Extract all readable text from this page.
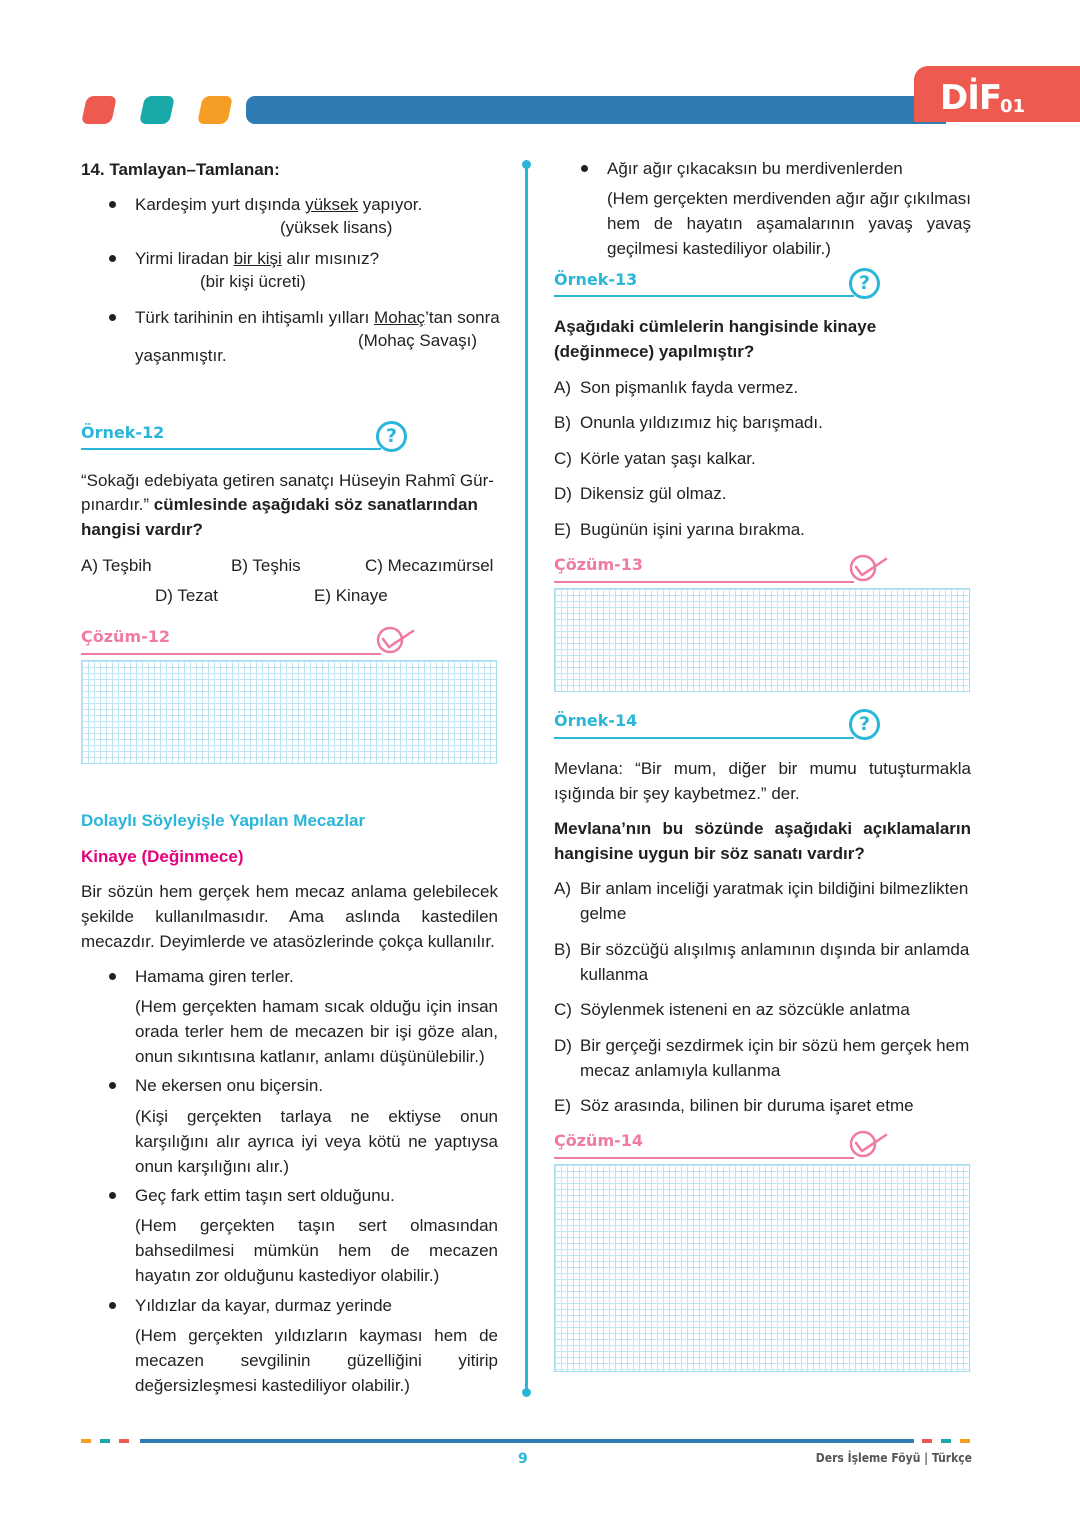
DİF
01
14. Tamlayan–Tamlanan:
Kardeşim yurt dışında yüksek yapıyor.
(yüksek lisans)
Yirmi liradan bir kişi alır mısınız?
(bir kişi ücreti)
Türk tarihinin en ihtişamlı yılları Mohaç’tan sonra
(Mohaç Savaşı)
yaşanmıştır.
Örnek-12	?
“Sokağı edebiyata getiren sanatçı Hüseyin Rahmî Gür-
pınardır.” cümlesinde aşağıdaki söz sanatlarından
hangisi vardır?
A) Teşbih	B) Teşhis	C) Mecazımürsel
D) Tezat	E) Kinaye
Çözüm-12
Dolaylı Söyleyişle Yapılan Mecazlar
Kinaye (Değinmece)
Bir sözün hem gerçek hem mecaz anlama gelebilecek şekilde kullanılmasıdır. Ama aslında kastedilen mecazdır. Deyimlerde ve atasözlerinde çokça kullanılır.
Hamama giren terler.
(Hem gerçekten hamam sıcak olduğu için insan orada terler hem de mecazen bir işi göze alan, onun sıkıntısına katlanır, anlamı düşünülebilir.)
Ne ekersen onu biçersin.
(Kişi gerçekten tarlaya ne ektiyse onun karşılığını alır ayrıca iyi veya kötü ne yaptıysa onun karşılığını alır.)
Geç fark ettim taşın sert olduğunu.
(Hem gerçekten taşın sert olmasından bahsedilmesi mümkün hem de mecazen hayatın zor olduğunu kastediyor olabilir.)
Yıldızlar da kayar, durmaz yerinde
(Hem gerçekten yıldızların kayması hem de mecazen sevgilinin güzelliğini yitirip değersizleşmesi kastediliyor olabilir.)
Ağır ağır çıkacaksın bu merdivenlerden
(Hem gerçekten merdivenden ağır ağır çıkılması hem de hayatın aşamalarının yavaş yavaş geçilmesi kastediliyor olabilir.)
Örnek-13	?
Aşağıdaki cümlelerin hangisinde kinaye (değinmece) yapılmıştır?
A) Son pişmanlık fayda vermez.
B) Onunla yıldızımız hiç barışmadı.
C) Körle yatan şaşı kalkar.
D) Dikensiz gül olmaz.
E) Bugünün işini yarına bırakma.
Çözüm-13
Örnek-14	?
Mevlana: “Bir mum, diğer bir mumu tutuşturmakla ışığında bir şey kaybetmez.” der.
Mevlana’nın bu sözünde aşağıdaki açıklamaların hangisine uygun bir söz sanatı vardır?
A) Bir anlam inceliği yaratmak için bildiğini bilmezlikten gelme
B) Bir sözcüğü alışılmış anlamının dışında bir anlamda kullanma
C) Söylenmek isteneni en az sözcükle anlatma
D) Bir gerçeği sezdirmek için bir sözü hem gerçek hem mecaz anlamıyla kullanma
E) Söz arasında, bilinen bir duruma işaret etme
Çözüm-14
9	Ders İşleme Föyü | Türkçe
